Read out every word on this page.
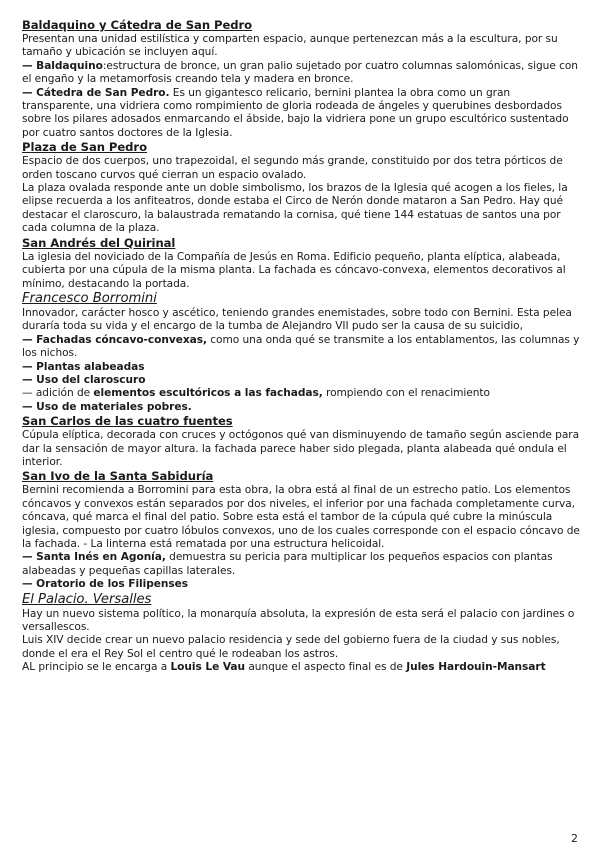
Baldaquino y Cátedra de San Pedro

Presentan una unidad estilística y comparten espacio, aunque pertenezcan más a la escultura, por su tamaño y ubicación se incluyen aquí.

— Baldaquino:estructura de bronce, un gran palio sujetado por cuatro columnas salomónicas, sigue con el engaño y la metamorfosis creando tela y madera en bronce.

— Cátedra de San Pedro. Es un gigantesco relicario, bernini plantea la obra como un gran transparente, una vidriera como rompimiento de gloria rodeada de ángeles y querubines desbordados sobre los pilares adosados enmarcando el ábside, bajo la vidriera pone un grupo escultórico sustentado por cuatro santos doctores de la Iglesia.

Plaza de San Pedro

Espacio de dos cuerpos, uno trapezoidal, el segundo más grande, constituido por dos tetra pórticos de orden toscano curvos qué cierran un espacio ovalado.

La plaza ovalada responde ante un doble simbolismo, los brazos de la Iglesia qué acogen a los fieles, la elipse recuerda a los anfiteatros, donde estaba el Circo de Nerón donde mataron a San Pedro. Hay qué destacar el claroscuro, la balaustrada rematando la cornisa, qué tiene 144 estatuas de santos una por cada columna de la plaza.

San Andrés del Quirinal

La iglesia del noviciado de la Compañía de Jesús en Roma. Edificio pequeño, planta elíptica, alabeada, cubierta por una cúpula de la misma planta. La fachada es cóncavo-convexa, elementos decorativos al mínimo, destacando la portada.

Francesco Borromini

Innovador, carácter hosco y ascético, teniendo grandes enemistades, sobre todo con Bernini. Esta pelea duraría toda su vida y el encargo de la tumba de Alejandro VII pudo ser la causa de su suicidio,

— Fachadas cóncavo-convexas, como una onda qué se transmite a los entablamentos, las columnas y los nichos.

— Plantas alabeadas

— Uso del claroscuro

— adición de elementos escultóricos a las fachadas, rompiendo con el renacimiento

— Uso de materiales pobres.

San Carlos de las cuatro fuentes

Cúpula elíptica, decorada con cruces y octógonos qué van disminuyendo de tamaño según asciende para dar la sensación de mayor altura. la fachada parece haber sido plegada, planta alabeada qué ondula el interior.

San Ivo de la Santa Sabiduría

Bernini recomienda a Borromini para esta obra, la obra está al final de un estrecho patio. Los elementos cóncavos y convexos están separados por dos niveles, el inferior por una fachada completamente curva, cóncava, qué marca el final del patio. Sobre esta está el tambor de la cúpula qué cubre la minúscula iglesia, compuesto por cuatro lóbulos convexos, uno de los cuales corresponde con el espacio cóncavo de la fachada. - La linterna está rematada por una estructura helicoidal.

— Santa Inés en Agonía, demuestra su pericia para multiplicar los pequeños espacios con plantas alabeadas y pequeñas capillas laterales.

— Oratorio de los Filipenses

El Palacio. Versalles

Hay un nuevo sistema político, la monarquía absoluta, la expresión de esta será el palacio con jardines o versallescos.

Luis XIV decide crear un nuevo palacio residencia y sede del gobierno fuera de la ciudad y sus nobles, donde el era el Rey Sol el centro qué le rodeaban los astros.

AL principio se le encarga a Louis Le Vau aunque el aspecto final es de Jules Hardouin-Mansart

2
